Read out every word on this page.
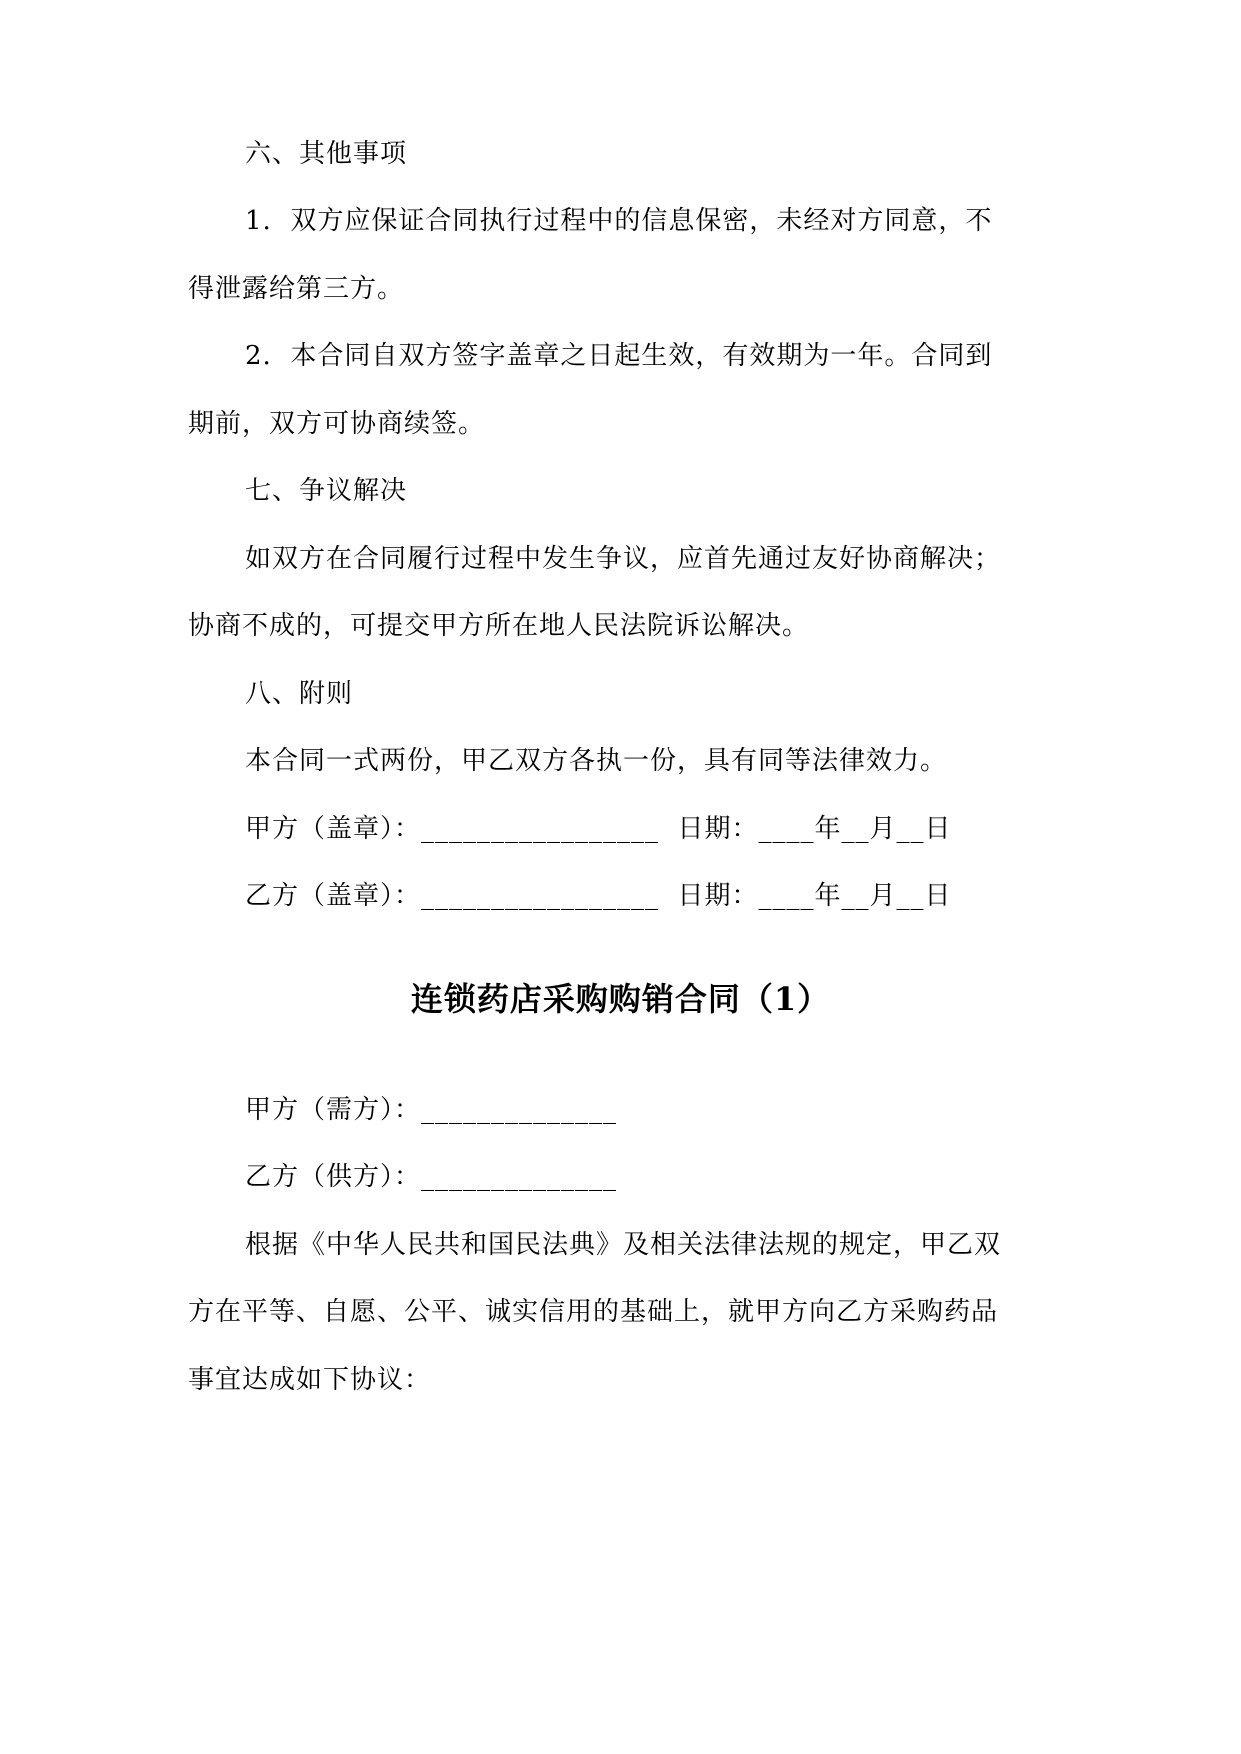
六、其他事项
1.  双方应保证合同执行过程中的信息保密，未经对方同意，不
得泄露给第三方。
2.  本合同自双方签字盖章之日起生效，有效期为一年。合同到
期前，双方可协商续签。
七、争议解决
如双方在合同履行过程中发生争议，应首先通过友好协商解决；
协商不成的，可提交甲方所在地人民法院诉讼解决。
八、附则
本合同一式两份，甲乙双方各执一份，具有同等法律效力。
甲方（盖章）：_________________  日期：____年__月__日
乙方（盖章）：_________________  日期：____年__月__日
连锁药店采购购销合同（1）
甲方（需方）：______________
乙方（供方）：______________
根据《中华人民共和国民法典》及相关法律法规的规定，甲乙双
方在平等、自愿、公平、诚实信用的基础上，就甲方向乙方采购药品
事宜达成如下协议：
